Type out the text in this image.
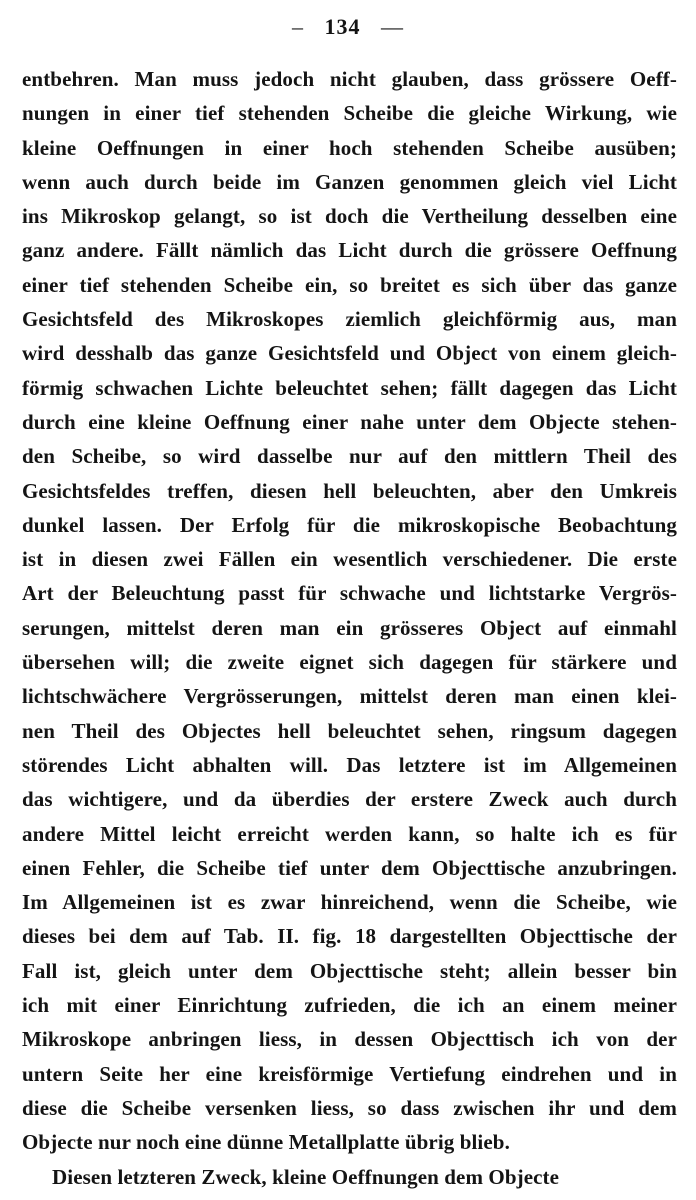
– 134 —
entbehren. Man muss jedoch nicht glauben, dass grössere Oeff-
nungen in einer tief stehenden Scheibe die gleiche Wirkung, wie
kleine Oeffnungen in einer hoch stehenden Scheibe ausüben;
wenn auch durch beide im Ganzen genommen gleich viel Licht
ins Mikroskop gelangt, so ist doch die Vertheilung desselben eine
ganz andere. Fällt nämlich das Licht durch die grössere Oeffnung
einer tief stehenden Scheibe ein, so breitet es sich über das ganze
Gesichtsfeld des Mikroskopes ziemlich gleichförmig aus, man
wird desshalb das ganze Gesichtsfeld und Object von einem gleich-
förmig schwachen Lichte beleuchtet sehen; fällt dagegen das Licht
durch eine kleine Oeffnung einer nahe unter dem Objecte stehen-
den Scheibe, so wird dasselbe nur auf den mittlern Theil des
Gesichtsfeldes treffen, diesen hell beleuchten, aber den Umkreis
dunkel lassen. Der Erfolg für die mikroskopische Beobachtung
ist in diesen zwei Fällen ein wesentlich verschiedener. Die erste
Art der Beleuchtung passt für schwache und lichtstarke Vergrös-
serungen, mittelst deren man ein grösseres Object auf einmahl
übersehen will; die zweite eignet sich dagegen für stärkere und
lichtschwächere Vergrösserungen, mittelst deren man einen klei-
nen Theil des Objectes hell beleuchtet sehen, ringsum dagegen
störendes Licht abhalten will. Das letztere ist im Allgemeinen
das wichtigere, und da überdies der erstere Zweck auch durch
andere Mittel leicht erreicht werden kann, so halte ich es für
einen Fehler, die Scheibe tief unter dem Objecttische anzubringen.
Im Allgemeinen ist es zwar hinreichend, wenn die Scheibe, wie
dieses bei dem auf Tab. II. fig. 18 dargestellten Objecttische der
Fall ist, gleich unter dem Objecttische steht; allein besser bin
ich mit einer Einrichtung zufrieden, die ich an einem meiner
Mikroskope anbringen liess, in dessen Objecttisch ich von der
untern Seite her eine kreisförmige Vertiefung eindrehen und in
diese die Scheibe versenken liess, so dass zwischen ihr und dem
Objecte nur noch eine dünne Metallplatte übrig blieb.
Diesen letzteren Zweck, kleine Oeffnungen dem Objecte
